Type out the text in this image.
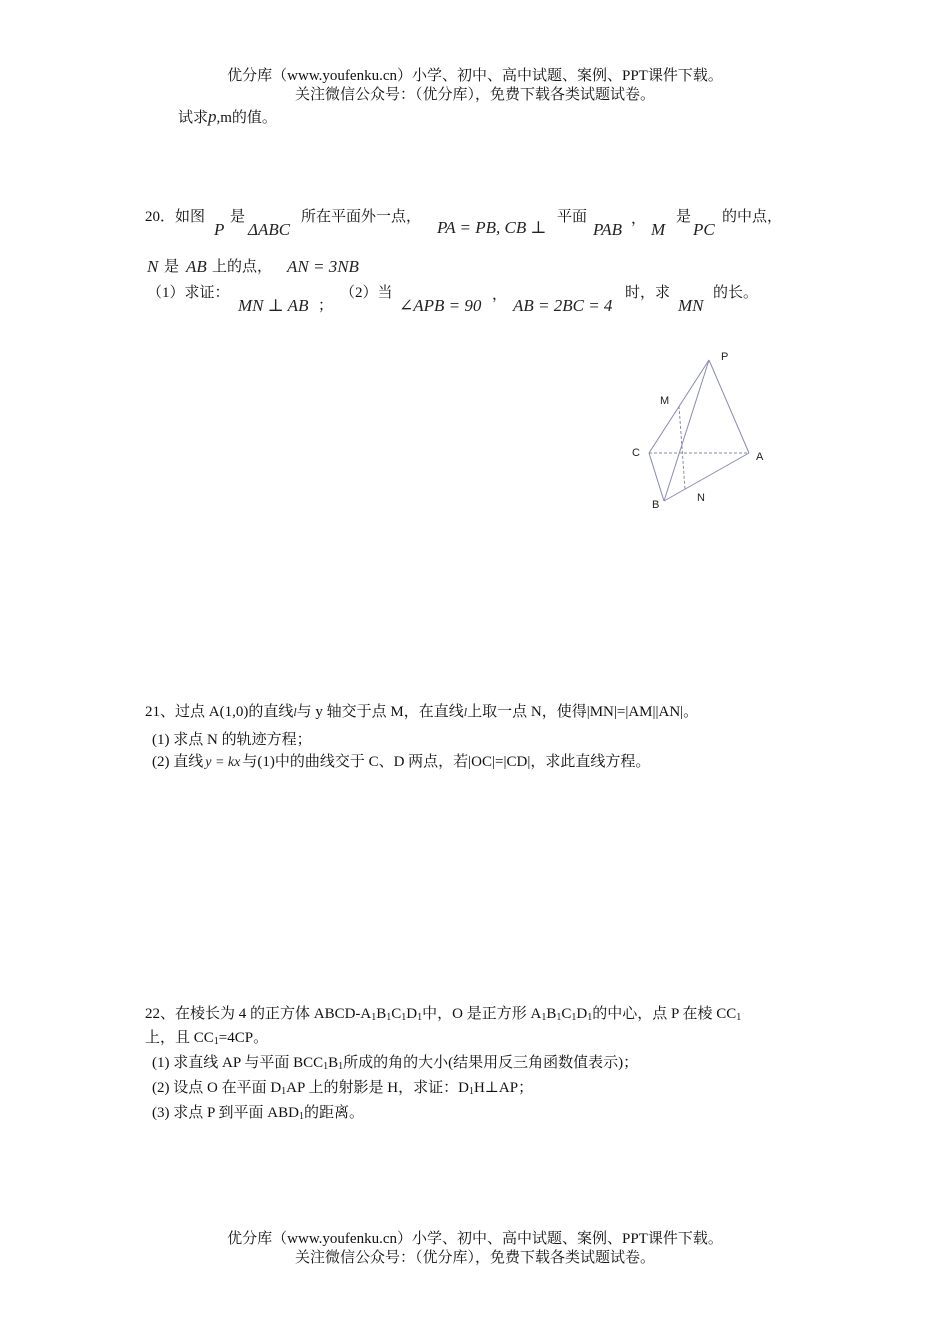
优分库（www.youfenku.cn）小学、初中、高中试题、案例、PPT课件下载。
关注微信公众号：（优分库），免费下载各类试题试卷。
试求p,m的值。
20．如图
P
是
ΔABC
所在平面外一点，
PA = PB, CB ⊥
平面
PAB
，
M
是
PC
的中点，
N 是 AB 上的点， AN = 3NB
（1）求证：
MN ⊥ AB ；
（2）当
∠APB = 90
，
AB = 2BC = 4
时，求
MN
的长。
P
M
C	A
B
N
21、过点 A(1,0)的直线l与 y 轴交于点 M，在直线l上取一点 N，使得|MN|=|AM||AN|。
(1) 求点 N 的轨迹方程；
(2) 直线 y = kx 与(1)中的曲线交于 C、D 两点，若|OC|=|CD|，求此直线方程。
22、在棱长为 4 的正方体 ABCD-$A_1B_1C_1D_1$中，O 是正方形 $A_1B_1C_1D_1$的中心，点 P 在棱 $CC_1$
上，且 $CC_1=4CP$。
(1) 求直线 AP 与平面 $BCC_1B_1$所成的角的大小(结果用反三角函数值表示)；
(2) 设点 O 在平面 $D_1AP$ 上的射影是 H，求证：$D_1H\perp AP$；
(3) 求点 P 到平面 $ABD_1$的距离。
优分库（www.youfenku.cn）小学、初中、高中试题、案例、PPT课件下载。
关注微信公众号：（优分库），免费下载各类试题试卷。
